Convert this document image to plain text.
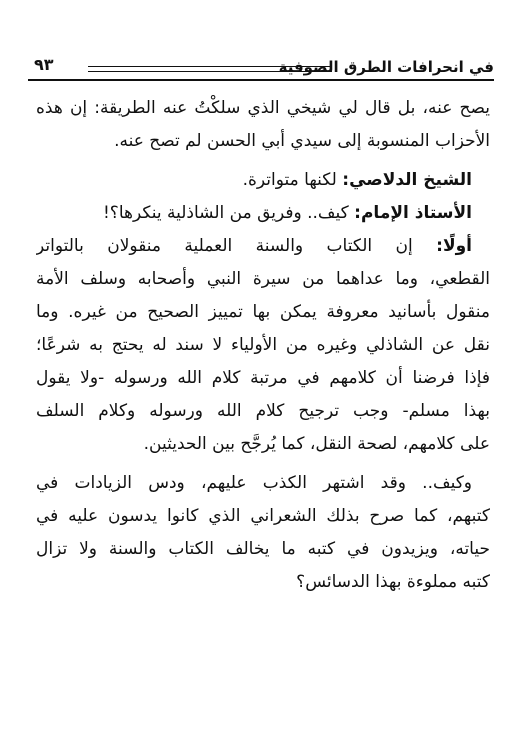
في انحرافات الطرق الصوفية
٩٣
يصح عنه، بل قال لي شيخي الذي سلكْتُ عنه الطريقة: إن هذه
الأحزاب المنسوبة إلى سيدي أبي الحسن لم تصح عنه.
الشيخ الدلاصي: لكنها متواترة.
الأستاذ الإمام: كيف.. وفريق من الشاذلية ينكرها؟!
أولًا: إن الكتاب والسنة العملية منقولان بالتواتر
القطعي، وما عداهما من سيرة النبي وأصحابه وسلف الأمة
منقول بأسانيد معروفة يمكن بها تمييز الصحيح من غيره. وما
نقل عن الشاذلي وغيره من الأولياء لا سند له يحتج به شرعًا؛
فإذا فرضنا أن كلامهم في مرتبة كلام الله ورسوله -ولا يقول
بهذا مسلم- وجب ترجيح كلام الله ورسوله وكلام السلف
على كلامهم، لصحة النقل، كما يُرجَّح بين الحديثين.
وكيف.. وقد اشتهر الكذب عليهم، ودس الزيادات في
كتبهم، كما صرح بذلك الشعراني الذي كانوا يدسون عليه في
حياته، ويزيدون في كتبه ما يخالف الكتاب والسنة ولا تزال
كتبه مملوءة بهذا الدسائس؟
